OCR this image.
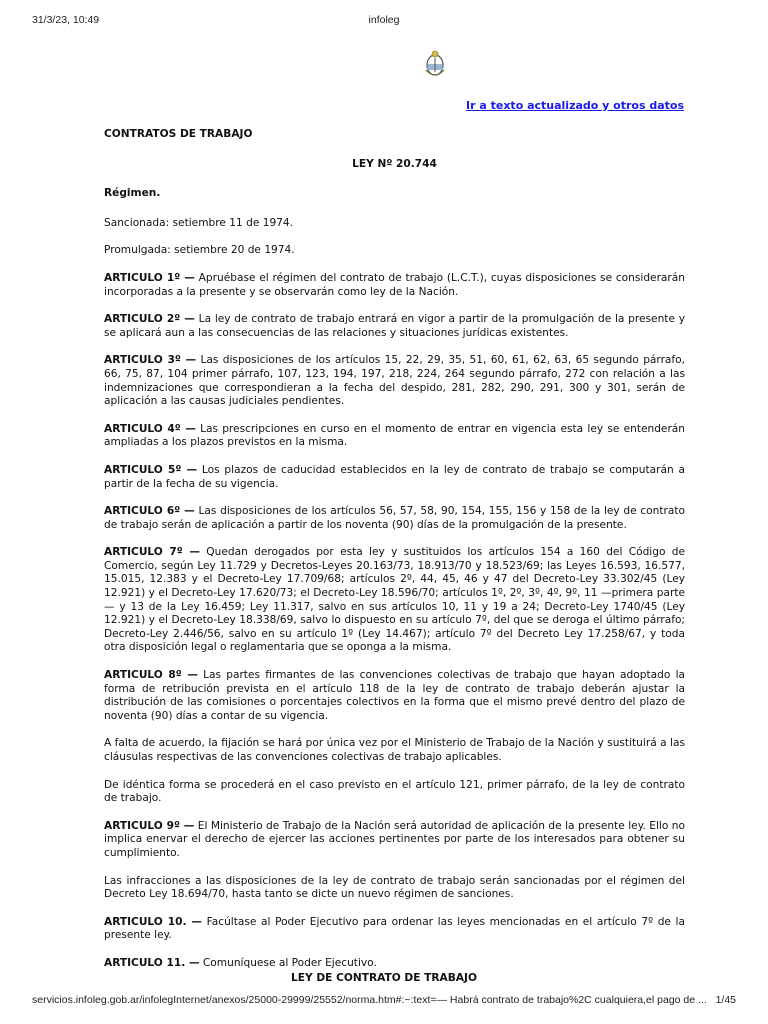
31/3/23, 10:49	infoleg
Ir a texto actualizado y otros datos

CONTRATOS DE TRABAJO

LEY Nº 20.744

Régimen.

Sancionada: setiembre 11 de 1974.

Promulgada: setiembre 20 de 1974.

ARTICULO 1º — Apruébase el régimen del contrato de trabajo (L.C.T.), cuyas disposiciones se considerarán incorporadas a la presente y se observarán como ley de la Nación.

ARTICULO 2º — La ley de contrato de trabajo entrará en vigor a partir de la promulgación de la presente y se aplicará aun a las consecuencias de las relaciones y situaciones jurídicas existentes.

ARTICULO 3º — Las disposiciones de los artículos 15, 22, 29, 35, 51, 60, 61, 62, 63, 65 segundo párrafo, 66, 75, 87, 104 primer párrafo, 107, 123, 194, 197, 218, 224, 264 segundo párrafo, 272 con relación a las indemnizaciones que correspondieran a la fecha del despido, 281, 282, 290, 291, 300 y 301, serán de aplicación a las causas judiciales pendientes.

ARTICULO 4º — Las prescripciones en curso en el momento de entrar en vigencia esta ley se entenderán ampliadas a los plazos previstos en la misma.

ARTICULO 5º — Los plazos de caducidad establecidos en la ley de contrato de trabajo se computarán a partir de la fecha de su vigencia.

ARTICULO 6º — Las disposiciones de los artículos 56, 57, 58, 90, 154, 155, 156 y 158 de la ley de contrato de trabajo serán de aplicación a partir de los noventa (90) días de la promulgación de la presente.

ARTICULO 7º — Quedan derogados por esta ley y sustituidos los artículos 154 a 160 del Código de Comercio, según Ley 11.729 y Decretos-Leyes 20.163/73, 18.913/70 y 18.523/69; las Leyes 16.593, 16.577, 15.015, 12.383 y el Decreto-Ley 17.709/68; artículos 2º, 44, 45, 46 y 47 del Decreto-Ley 33.302/45 (Ley 12.921) y el Decreto-Ley 17.620/73; el Decreto-Ley 18.596/70; artículos 1º, 2º, 3º, 4º, 9º, 11 —primera parte— y 13 de la Ley 16.459; Ley 11.317, salvo en sus artículos 10, 11 y 19 a 24; Decreto-Ley 1740/45 (Ley 12.921) y el Decreto-Ley 18.338/69, salvo lo dispuesto en su artículo 7º, del que se deroga el último párrafo; Decreto-Ley 2.446/56, salvo en su artículo 1º (Ley 14.467); artículo 7º del Decreto Ley 17.258/67, y toda otra disposición legal o reglamentaria que se oponga a la misma.

ARTICULO 8º — Las partes firmantes de las convenciones colectivas de trabajo que hayan adoptado la forma de retribución prevista en el artículo 118 de la ley de contrato de trabajo deberán ajustar la distribución de las comisiones o porcentajes colectivos en la forma que el mismo prevé dentro del plazo de noventa (90) días a contar de su vigencia.

A falta de acuerdo, la fijación se hará por única vez por el Ministerio de Trabajo de la Nación y sustituirá a las cláusulas respectivas de las convenciones colectivas de trabajo aplicables.

De idéntica forma se procederá en el caso previsto en el artículo 121, primer párrafo, de la ley de contrato de trabajo.

ARTICULO 9º — El Ministerio de Trabajo de la Nación será autoridad de aplicación de la presente ley. Ello no implica enervar el derecho de ejercer las acciones pertinentes por parte de los interesados para obtener su cumplimiento.

Las infracciones a las disposiciones de la ley de contrato de trabajo serán sancionadas por el régimen del Decreto Ley 18.694/70, hasta tanto se dicte un nuevo régimen de sanciones.

ARTICULO 10. — Facúltase al Poder Ejecutivo para ordenar las leyes mencionadas en el artículo 7º de la presente ley.

ARTICULO 11. — Comuníquese al Poder Ejecutivo.

LEY DE CONTRATO DE TRABAJO
servicios.infoleg.gob.ar/infolegInternet/anexos/25000-29999/25552/norma.htm#:~:text=— Habrá contrato de trabajo%2C cualquiera,el pago de ... 1/45
